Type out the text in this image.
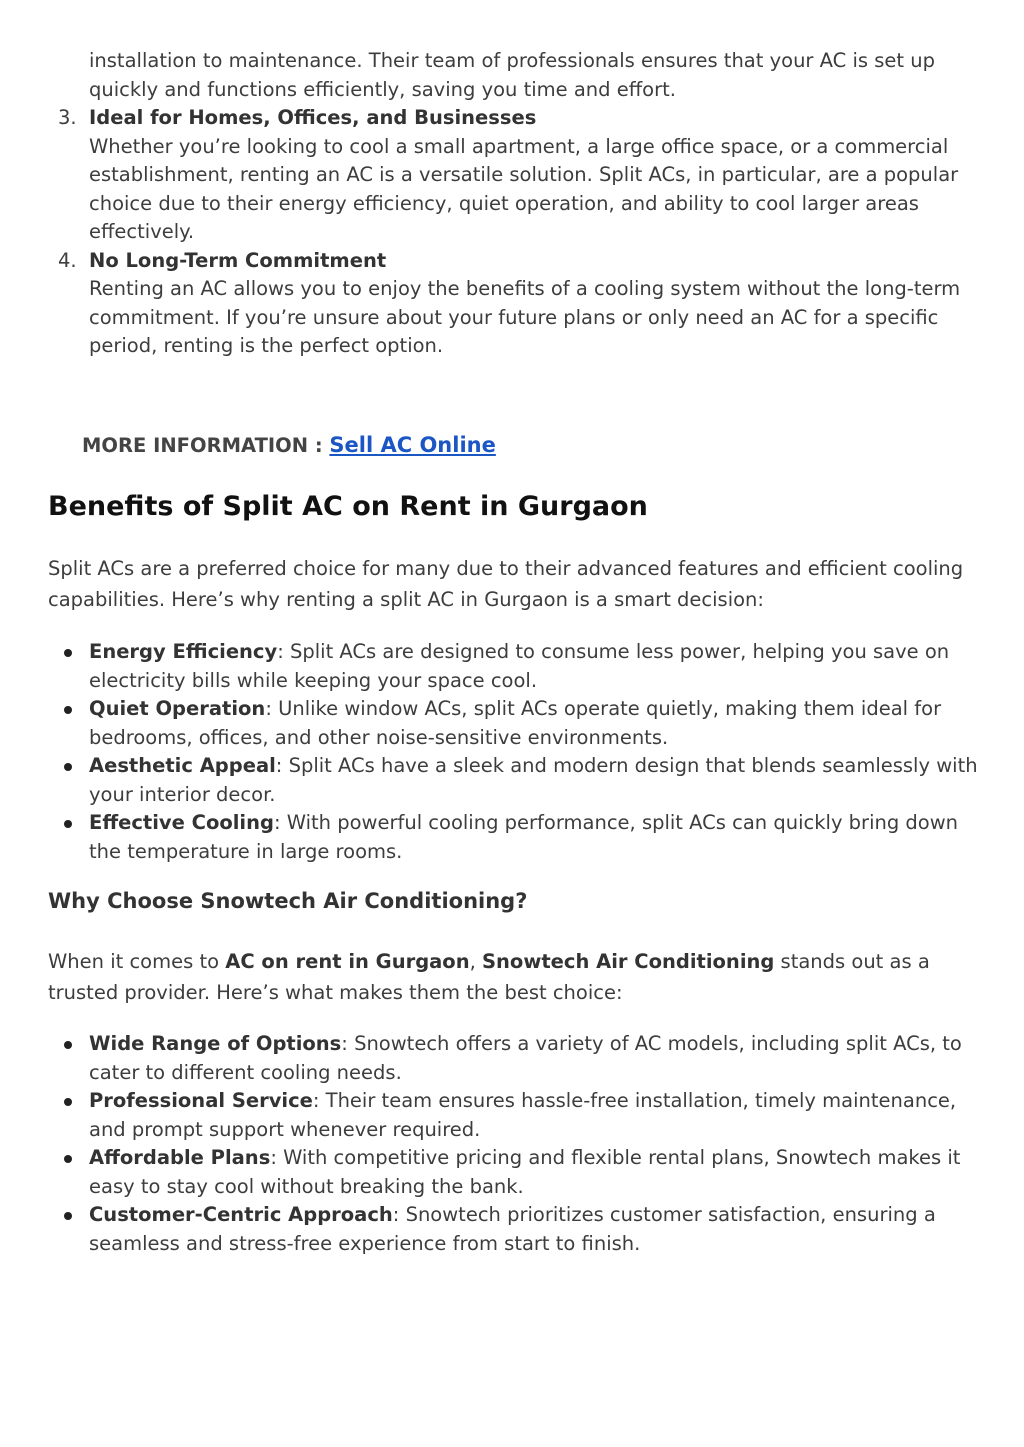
installation to maintenance. Their team of professionals ensures that your AC is set up quickly and functions efficiently, saving you time and effort.
3. Ideal for Homes, Offices, and Businesses
Whether you’re looking to cool a small apartment, a large office space, or a commercial establishment, renting an AC is a versatile solution. Split ACs, in particular, are a popular choice due to their energy efficiency, quiet operation, and ability to cool larger areas effectively.
4. No Long-Term Commitment
Renting an AC allows you to enjoy the benefits of a cooling system without the long-term commitment. If you’re unsure about your future plans or only need an AC for a specific period, renting is the perfect option.
MORE INFORMATION : Sell AC Online
Benefits of Split AC on Rent in Gurgaon

Split ACs are a preferred choice for many due to their advanced features and efficient cooling capabilities. Here’s why renting a split AC in Gurgaon is a smart decision:

Energy Efficiency: Split ACs are designed to consume less power, helping you save on electricity bills while keeping your space cool.
Quiet Operation: Unlike window ACs, split ACs operate quietly, making them ideal for bedrooms, offices, and other noise-sensitive environments.
Aesthetic Appeal: Split ACs have a sleek and modern design that blends seamlessly with your interior decor.
Effective Cooling: With powerful cooling performance, split ACs can quickly bring down the temperature in large rooms.
Why Choose Snowtech Air Conditioning?

When it comes to AC on rent in Gurgaon, Snowtech Air Conditioning stands out as a trusted provider. Here’s what makes them the best choice:

Wide Range of Options: Snowtech offers a variety of AC models, including split ACs, to cater to different cooling needs.
Professional Service: Their team ensures hassle-free installation, timely maintenance, and prompt support whenever required.
Affordable Plans: With competitive pricing and flexible rental plans, Snowtech makes it easy to stay cool without breaking the bank.
Customer-Centric Approach: Snowtech prioritizes customer satisfaction, ensuring a seamless and stress-free experience from start to finish.
